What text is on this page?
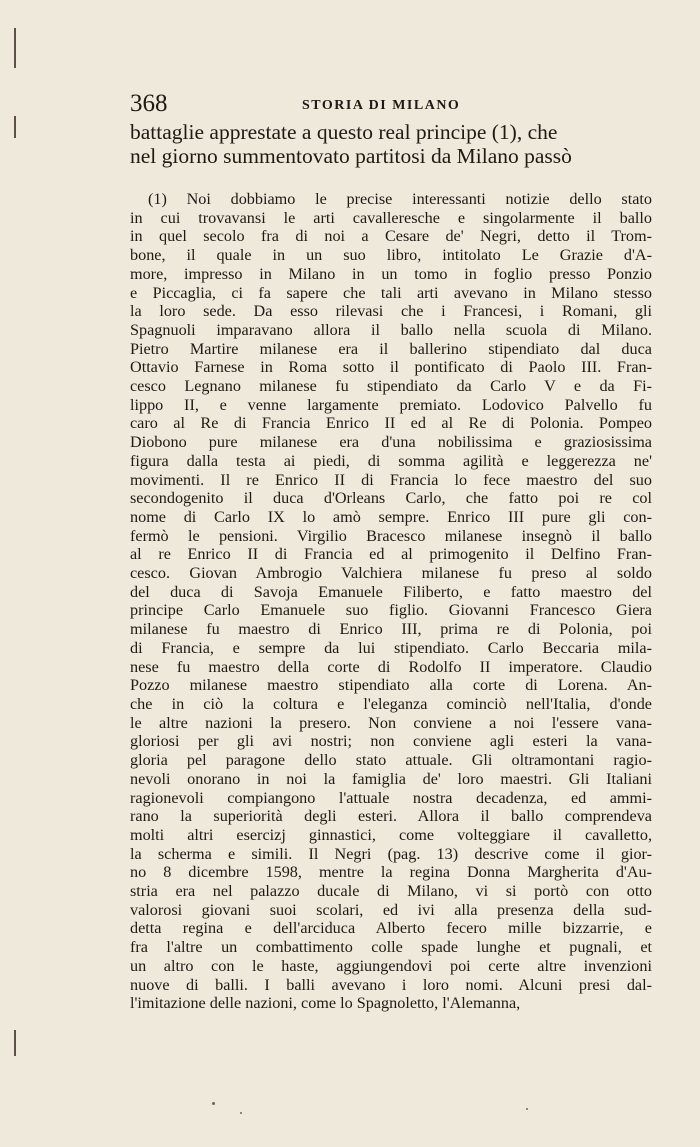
368	STORIA DI MILANO
battaglie apprestate a questo real principe (1), che
nel giorno summentovato partitosi da Milano passò
(1) Noi dobbiamo le precise interessanti notizie dello stato
in cui trovavansi le arti cavalleresche e singolarmente il ballo
in quel secolo fra di noi a Cesare de' Negri, detto il Trom-
bone, il quale in un suo libro, intitolato Le Grazie d'A-
more, impresso in Milano in un tomo in foglio presso Ponzio
e Piccaglia, ci fa sapere che tali arti avevano in Milano stesso
la loro sede. Da esso rilevasi che i Francesi, i Romani, gli
Spagnuoli imparavano allora il ballo nella scuola di Milano.
Pietro Martire milanese era il ballerino stipendiato dal duca
Ottavio Farnese in Roma sotto il pontificato di Paolo III. Fran-
cesco Legnano milanese fu stipendiato da Carlo V e da Fi-
lippo II, e venne largamente premiato. Lodovico Palvello fu
caro al Re di Francia Enrico II ed al Re di Polonia. Pompeo
Diobono pure milanese era d'una nobilissima e graziosissima
figura dalla testa ai piedi, di somma agilità e leggerezza ne'
movimenti. Il re Enrico II di Francia lo fece maestro del suo
secondogenito il duca d'Orleans Carlo, che fatto poi re col
nome di Carlo IX lo amò sempre. Enrico III pure gli con-
fermò le pensioni. Virgilio Bracesco milanese insegnò il ballo
al re Enrico II di Francia ed al primogenito il Delfino Fran-
cesco. Giovan Ambrogio Valchiera milanese fu preso al soldo
del duca di Savoja Emanuele Filiberto, e fatto maestro del
principe Carlo Emanuele suo figlio. Giovanni Francesco Giera
milanese fu maestro di Enrico III, prima re di Polonia, poi
di Francia, e sempre da lui stipendiato. Carlo Beccaria mila-
nese fu maestro della corte di Rodolfo II imperatore. Claudio
Pozzo milanese maestro stipendiato alla corte di Lorena. An-
che in ciò la coltura e l'eleganza cominciò nell'Italia, d'onde
le altre nazioni la presero. Non conviene a noi l'essere vana-
gloriosi per gli avi nostri; non conviene agli esteri la vana-
gloria pel paragone dello stato attuale. Gli oltramontani ragio-
nevoli onorano in noi la famiglia de' loro maestri. Gli Italiani
ragionevoli compiangono l'attuale nostra decadenza, ed ammi-
rano la superiorità degli esteri. Allora il ballo comprendeva
molti altri esercizj ginnastici, come volteggiare il cavalletto,
la scherma e simili. Il Negri (pag. 13) descrive come il gior-
no 8 dicembre 1598, mentre la regina Donna Margherita d'Au-
stria era nel palazzo ducale di Milano, vi si portò con otto
valorosi giovani suoi scolari, ed ivi alla presenza della sud-
detta regina e dell'arciduca Alberto fecero mille bizzarrie, e
fra l'altre un combattimento colle spade lunghe et pugnali, et
un altro con le haste, aggiungendovi poi certe altre invenzioni
nuove di balli. I balli avevano i loro nomi. Alcuni presi dal-
l'imitazione delle nazioni, come lo Spagnoletto, l'Alemanna,
